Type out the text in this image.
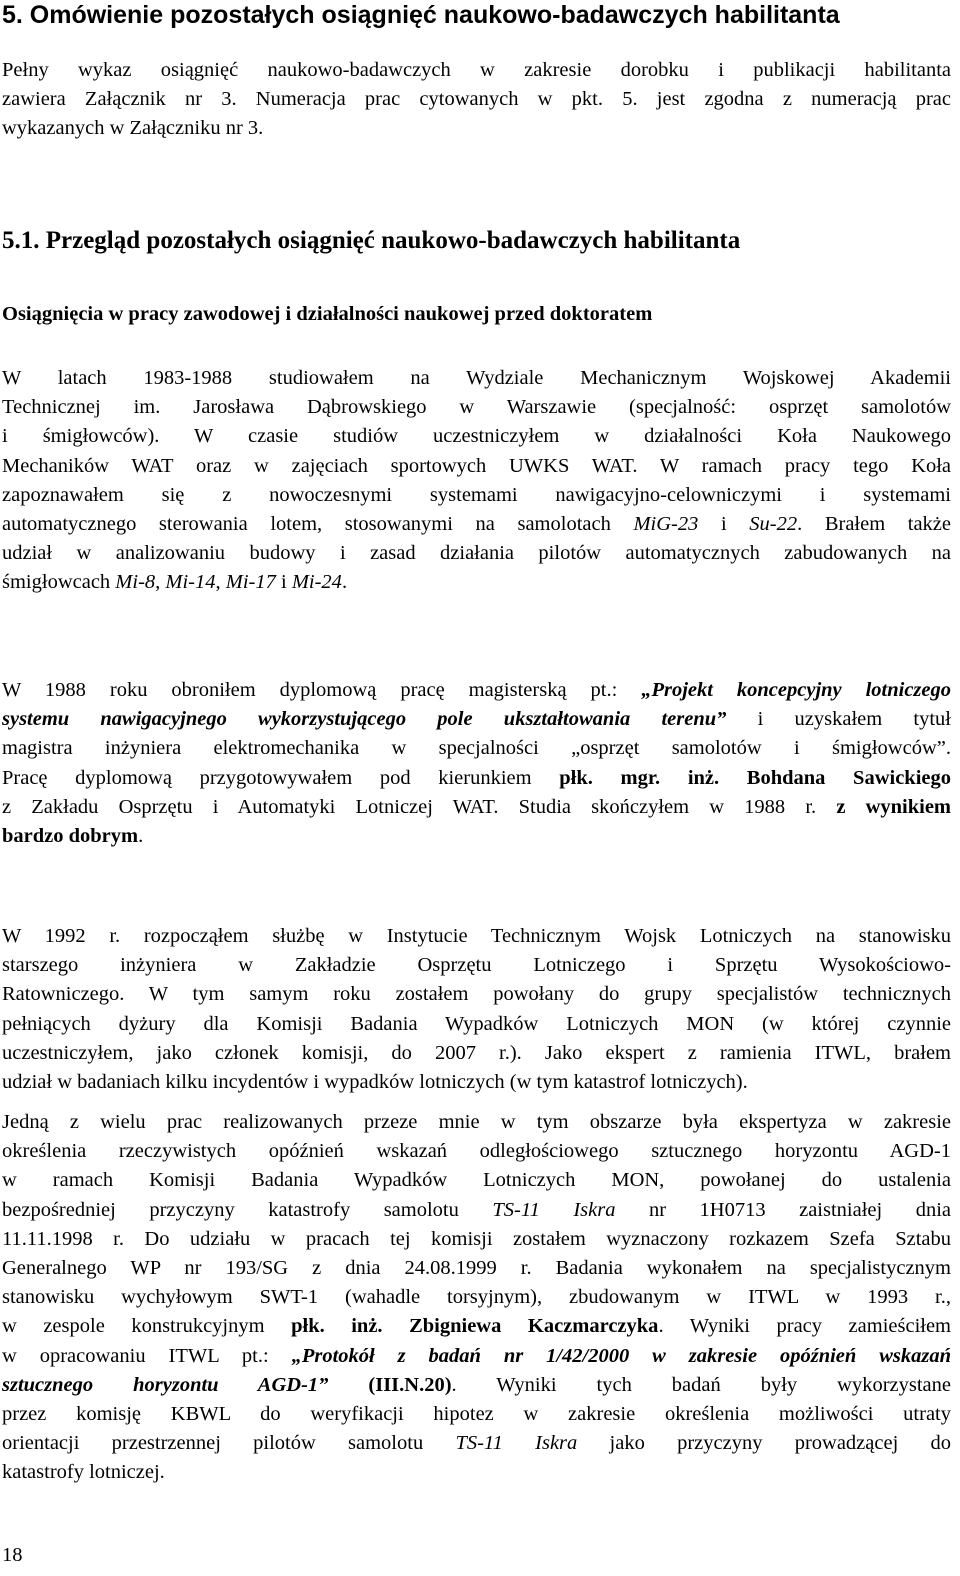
5. Omówienie pozostałych osiągnięć naukowo-badawczych habilitanta
Pełny wykaz osiągnięć naukowo-badawczych w zakresie dorobku i publikacji habilitanta
zawiera Załącznik nr 3. Numeracja prac cytowanych w pkt. 5. jest zgodna z numeracją prac
wykazanych w Załączniku nr 3.
5.1. Przegląd pozostałych osiągnięć naukowo-badawczych habilitanta
Osiągnięcia w pracy zawodowej i działalności naukowej przed doktoratem
W latach 1983-1988 studiowałem na Wydziale Mechanicznym Wojskowej Akademii
Technicznej im. Jarosława Dąbrowskiego w Warszawie (specjalność: osprzęt samolotów
i śmigłowców). W czasie studiów uczestniczyłem w działalności Koła Naukowego
Mechaników WAT oraz w zajęciach sportowych UWKS WAT. W ramach pracy tego Koła
zapoznawałem się z nowoczesnymi systemami nawigacyjno-celowniczymi i systemami
automatycznego sterowania lotem, stosowanymi na samolotach MiG-23 i Su-22. Brałem także
udział w analizowaniu budowy i zasad działania pilotów automatycznych zabudowanych na
śmigłowcach Mi-8, Mi-14, Mi-17 i Mi-24.
W 1988 roku obroniłem dyplomową pracę magisterską pt.: „Projekt koncepcyjny lotniczego
systemu nawigacyjnego wykorzystującego pole ukształtowania terenu” i uzyskałem tytuł
magistra inżyniera elektromechanika w specjalności „osprzęt samolotów i śmigłowców”.
Pracę dyplomową przygotowywałem pod kierunkiem płk. mgr. inż. Bohdana Sawickiego
z Zakładu Osprzętu i Automatyki Lotniczej WAT. Studia skończyłem w 1988 r. z wynikiem
bardzo dobrym.
W 1992 r. rozpocząłem służbę w Instytucie Technicznym Wojsk Lotniczych na stanowisku
starszego inżyniera w Zakładzie Osprzętu Lotniczego i Sprzętu Wysokościowo-
Ratowniczego. W tym samym roku zostałem powołany do grupy specjalistów technicznych
pełniących dyżury dla Komisji Badania Wypadków Lotniczych MON (w której czynnie
uczestniczyłem, jako członek komisji, do 2007 r.). Jako ekspert z ramienia ITWL, brałem
udział w badaniach kilku incydentów i wypadków lotniczych (w tym katastrof lotniczych).
Jedną z wielu prac realizowanych przeze mnie w tym obszarze była ekspertyza w zakresie
określenia rzeczywistych opóźnień wskazań odległościowego sztucznego horyzontu AGD-1
w ramach Komisji Badania Wypadków Lotniczych MON, powołanej do ustalenia
bezpośredniej przyczyny katastrofy samolotu TS-11 Iskra nr 1H0713 zaistniałej dnia
11.11.1998 r. Do udziału w pracach tej komisji zostałem wyznaczony rozkazem Szefa Sztabu
Generalnego WP nr 193/SG z dnia 24.08.1999 r. Badania wykonałem na specjalistycznym
stanowisku wychyłowym SWT-1 (wahadle torsyjnym), zbudowanym w ITWL w 1993 r.,
w zespole konstrukcyjnym płk. inż. Zbigniewa Kaczmarczyka. Wyniki pracy zamieściłem
w opracowaniu ITWL pt.: „Protokół z badań nr 1/42/2000 w zakresie opóźnień wskazań
sztucznego horyzontu AGD-1” (III.N.20). Wyniki tych badań były wykorzystane
przez komisję KBWL do weryfikacji hipotez w zakresie określenia możliwości utraty
orientacji przestrzennej pilotów samolotu TS-11 Iskra jako przyczyny prowadzącej do
katastrofy lotniczej.
18
